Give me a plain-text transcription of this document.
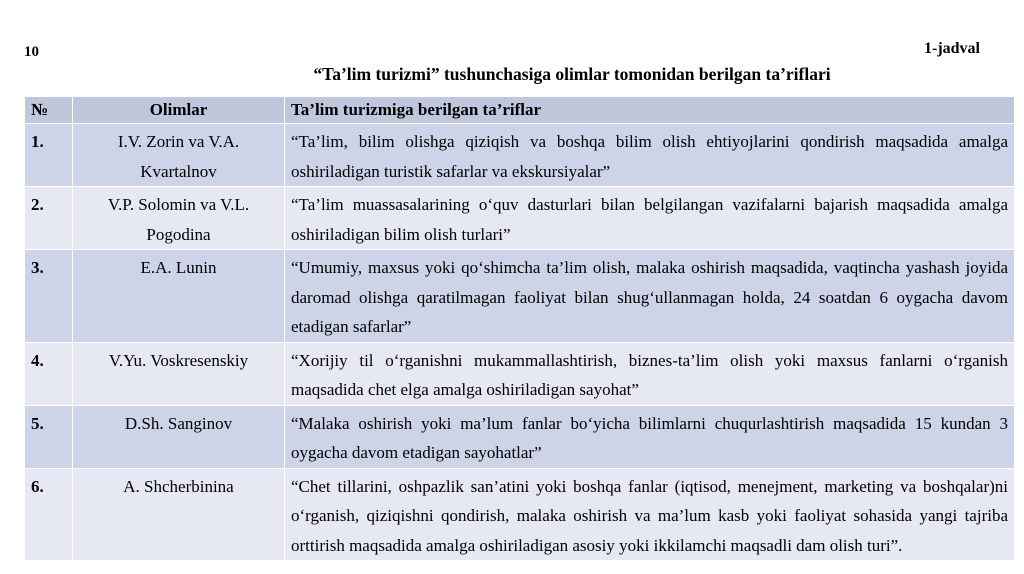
10	1-jadval
“Ta’lim turizmi” tushunchasiga olimlar tomonidan berilgan ta’riflari
№	Olimlar	Ta’lim turizmiga berilgan ta’riflar
1.	I.V. Zorin va V.A. Kvartalnov	“Ta’lim, bilim olishga qiziqish va boshqa bilim olish ehtiyojlarini qondirish maqsadida amalga oshiriladigan turistik safarlar va ekskursiyalar”
2.	V.P. Solomin va V.L. Pogodina	“Ta’lim muassasalarining o‘quv dasturlari bilan belgilangan vazifalarni bajarish maqsadida amalga oshiriladigan bilim olish turlari”
3.	E.A. Lunin	“Umumiy, maxsus yoki qo‘shimcha ta’lim olish, malaka oshirish maqsadida, vaqtincha yashash joyida daromad olishga qaratilmagan faoliyat bilan shug‘ullanmagan holda, 24 soatdan 6 oygacha davom etadigan safarlar”
4.	V.Yu. Voskresenskiy	“Xorijiy til o‘rganishni mukammallashtirish, biznes-ta’lim olish yoki maxsus fanlarni o‘rganish maqsadida chet elga amalga oshiriladigan sayohat”
5.	D.Sh. Sanginov	“Malaka oshirish yoki ma’lum fanlar bo‘yicha bilimlarni chuqurlashtirish maqsadida 15 kundan 3 oygacha davom etadigan sayohatlar”
6.	A. Shcherbinina	“Chet tillarini, oshpazlik san’atini yoki boshqa fanlar (iqtisod, menejment, marketing va boshqalar)ni o‘rganish, qiziqishni qondirish, malaka oshirish va ma’lum kasb yoki faoliyat sohasida yangi tajriba orttirish maqsadida amalga oshiriladigan asosiy yoki ikkilamchi maqsadli dam olish turi”.
